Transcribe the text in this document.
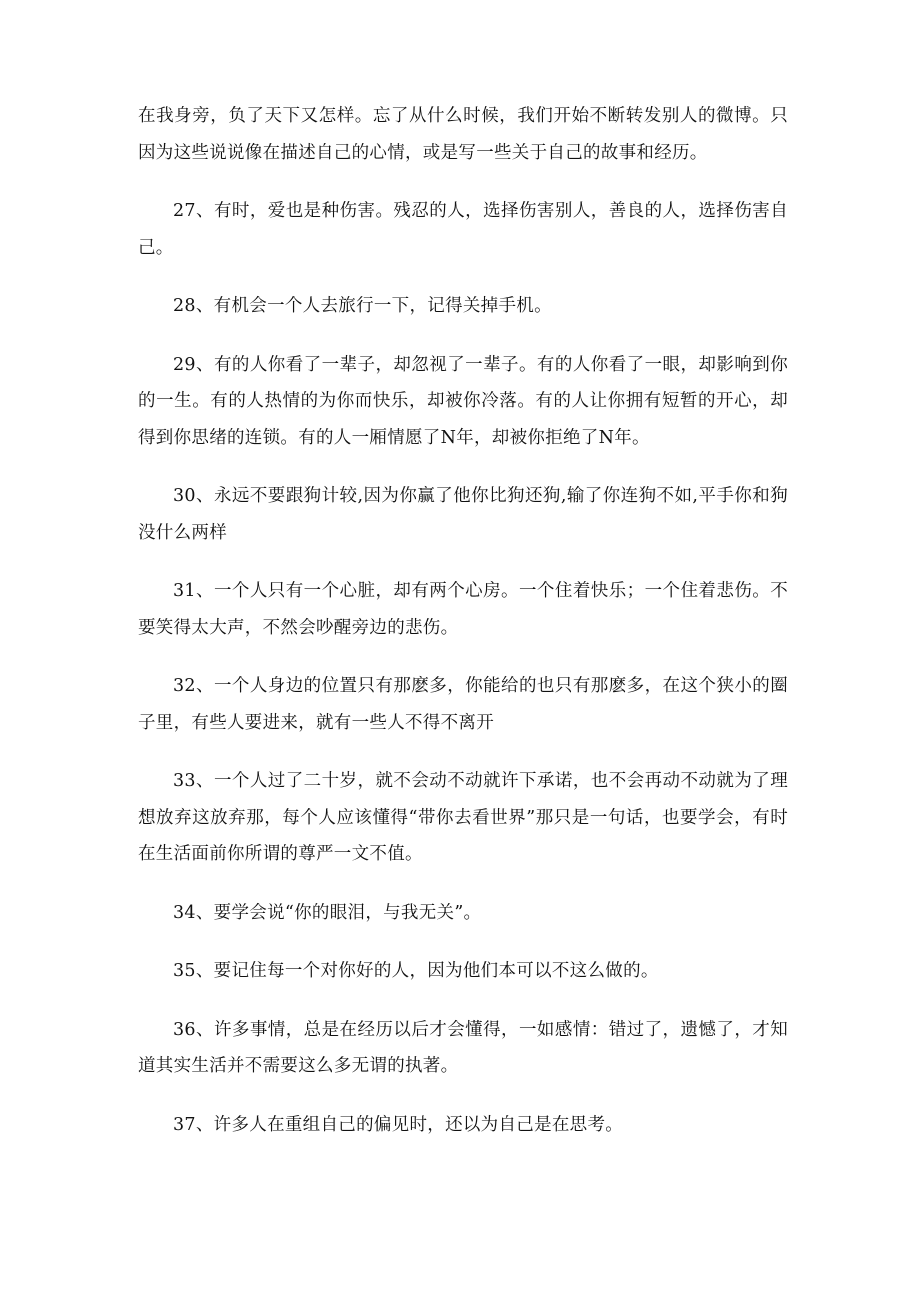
在我身旁，负了天下又怎样。忘了从什么时候，我们开始不断转发别人的微博。只因为这些说说像在描述自己的心情，或是写一些关于自己的故事和经历。

27、有时，爱也是种伤害。残忍的人，选择伤害别人，善良的人，选择伤害自己。

28、有机会一个人去旅行一下，记得关掉手机。

29、有的人你看了一辈子，却忽视了一辈子。有的人你看了一眼，却影响到你的一生。有的人热情的为你而快乐，却被你冷落。有的人让你拥有短暂的开心，却得到你思绪的连锁。有的人一厢情愿了N年，却被你拒绝了N年。

30、永远不要跟狗计较,因为你赢了他你比狗还狗,输了你连狗不如,平手你和狗没什么两样

31、一个人只有一个心脏，却有两个心房。一个住着快乐；一个住着悲伤。不要笑得太大声，不然会吵醒旁边的悲伤。

32、一个人身边的位置只有那麽多，你能给的也只有那麽多，在这个狭小的圈子里，有些人要进来，就有一些人不得不离开

33、一个人过了二十岁，就不会动不动就许下承诺，也不会再动不动就为了理想放弃这放弃那，每个人应该懂得“带你去看世界”那只是一句话，也要学会，有时在生活面前你所谓的尊严一文不值。

34、要学会说“你的眼泪，与我无关”。

35、要记住每一个对你好的人，因为他们本可以不这么做的。

36、许多事情，总是在经历以后才会懂得，一如感情：错过了，遗憾了，才知道其实生活并不需要这么多无谓的执著。

37、许多人在重组自己的偏见时，还以为自己是在思考。
